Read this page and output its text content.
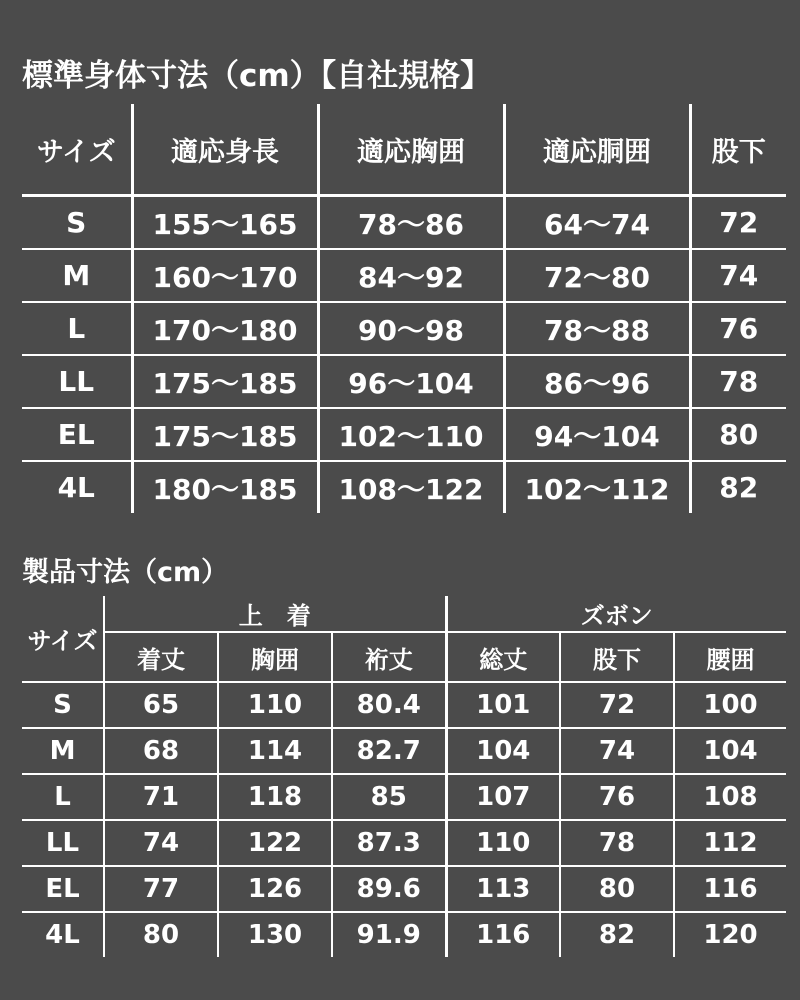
標準身体寸法（cm）【自社規格】
サイズ	適応身長	適応胸囲	適応胴囲	股下
S	155～165	78～86	64～74	72
M	160～170	84～92	72～80	74
L	170～180	90～98	78～88	76
LL	175～185	96～104	86～96	78
EL	175～185	102～110	94～104	80
4L	180～185	108～122	102～112	82
製品寸法（cm）
サイズ	上　着			ズボン		
	着丈	胸囲	裄丈	総丈	股下	腰囲
S	65	110	80.4	101	72	100
M	68	114	82.7	104	74	104
L	71	118	85	107	76	108
LL	74	122	87.3	110	78	112
EL	77	126	89.6	113	80	116
4L	80	130	91.9	116	82	120
